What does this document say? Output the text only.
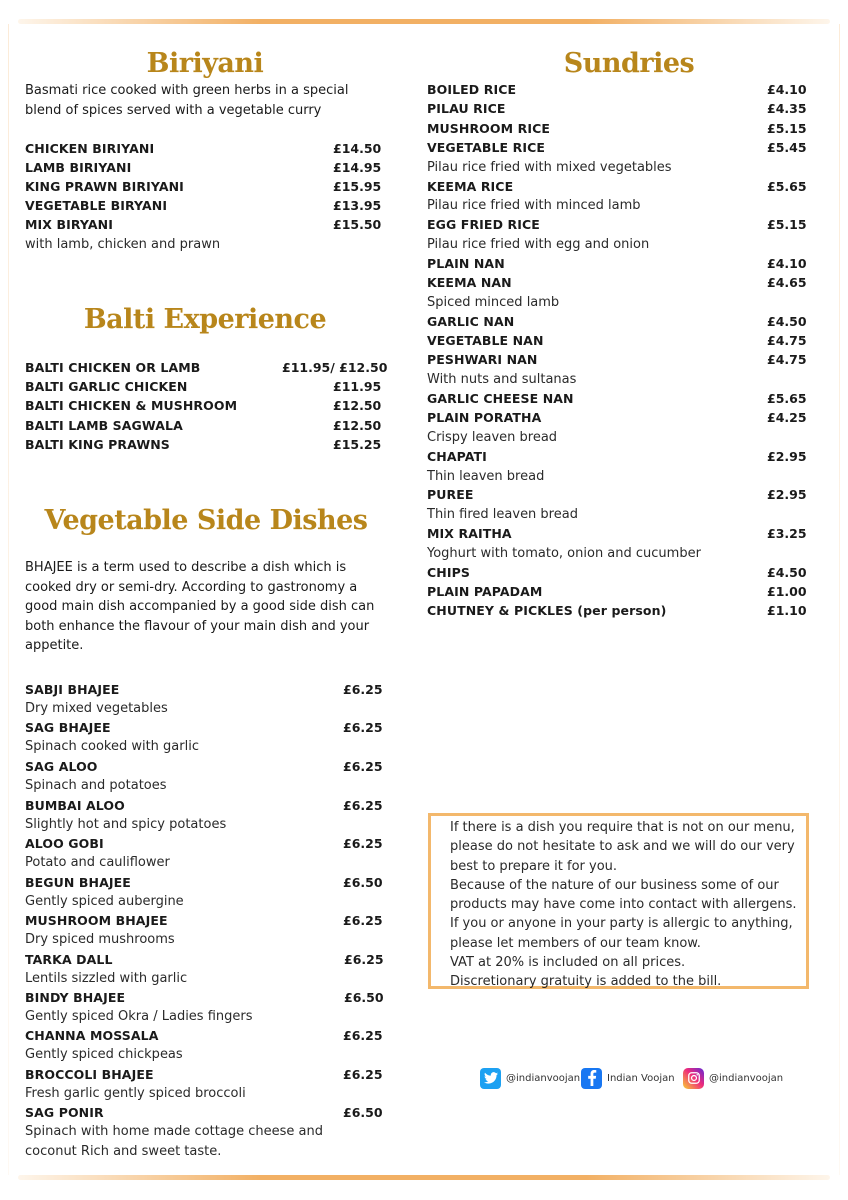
Biriyani
Basmati rice cooked with green herbs in a special
blend of spices served with a vegetable curry
CHICKEN BIRIYANI	£14.50
LAMB BIRIYANI	£14.95
KING PRAWN BIRIYANI	£15.95
VEGETABLE BIRYANI	£13.95
MIX BIRYANI	£15.50
with lamb, chicken and prawn
Balti Experience
BALTI CHICKEN OR LAMB	£11.95/ £12.50
BALTI GARLIC CHICKEN	£11.95
BALTI CHICKEN & MUSHROOM	£12.50
BALTI LAMB SAGWALA	£12.50
BALTI KING PRAWNS	£15.25
Vegetable Side Dishes
BHAJEE is a term used to describe a dish which is
cooked dry or semi-dry. According to gastronomy a
good main dish accompanied by a good side dish can
both enhance the flavour of your main dish and your
appetite.
SABJI BHAJEE	£6.25
Dry mixed vegetables
SAG BHAJEE	£6.25
Spinach cooked with garlic
SAG ALOO	£6.25
Spinach and potatoes
BUMBAI ALOO	£6.25
Slightly hot and spicy potatoes
ALOO GOBI	£6.25
Potato and cauliflower
BEGUN BHAJEE	£6.50
Gently spiced aubergine
MUSHROOM BHAJEE	£6.25
Dry spiced mushrooms
TARKA DALL	£6.25
Lentils sizzled with garlic
BINDY BHAJEE	£6.50
Gently spiced Okra / Ladies fingers
CHANNA MOSSALA	£6.25
Gently spiced chickpeas
BROCCOLI BHAJEE	£6.25
Fresh garlic gently spiced broccoli
SAG PONIR	£6.50
Spinach with home made cottage cheese and
coconut Rich and sweet taste.
Sundries
BOILED RICE	£4.10
PILAU RICE	£4.35
MUSHROOM RICE	£5.15
VEGETABLE RICE	£5.45
Pilau rice fried with mixed vegetables
KEEMA RICE	£5.65
Pilau rice fried with minced lamb
EGG FRIED RICE	£5.15
Pilau rice fried with egg and onion
PLAIN NAN	£4.10
KEEMA NAN	£4.65
Spiced minced lamb
GARLIC NAN	£4.50
VEGETABLE NAN	£4.75
PESHWARI NAN	£4.75
With nuts and sultanas
GARLIC CHEESE NAN	£5.65
PLAIN PORATHA	£4.25
Crispy leaven bread
CHAPATI	£2.95
Thin leaven bread
PUREE	£2.95
Thin fired leaven bread
MIX RAITHA	£3.25
Yoghurt with tomato, onion and cucumber
CHIPS	£4.50
PLAIN PAPADAM	£1.00
CHUTNEY & PICKLES (per person)	£1.10
If there is a dish you require that is not on our menu,
please do not hesitate to ask and we will do our very
best to prepare it for you.
Because of the nature of our business some of our
products may have come into contact with allergens.
If you or anyone in your party is allergic to anything,
please let members of our team know.
VAT at 20% is included on all prices.
Discretionary gratuity is added to the bill.
@indianvoojan	Indian Voojan	@indianvoojan
